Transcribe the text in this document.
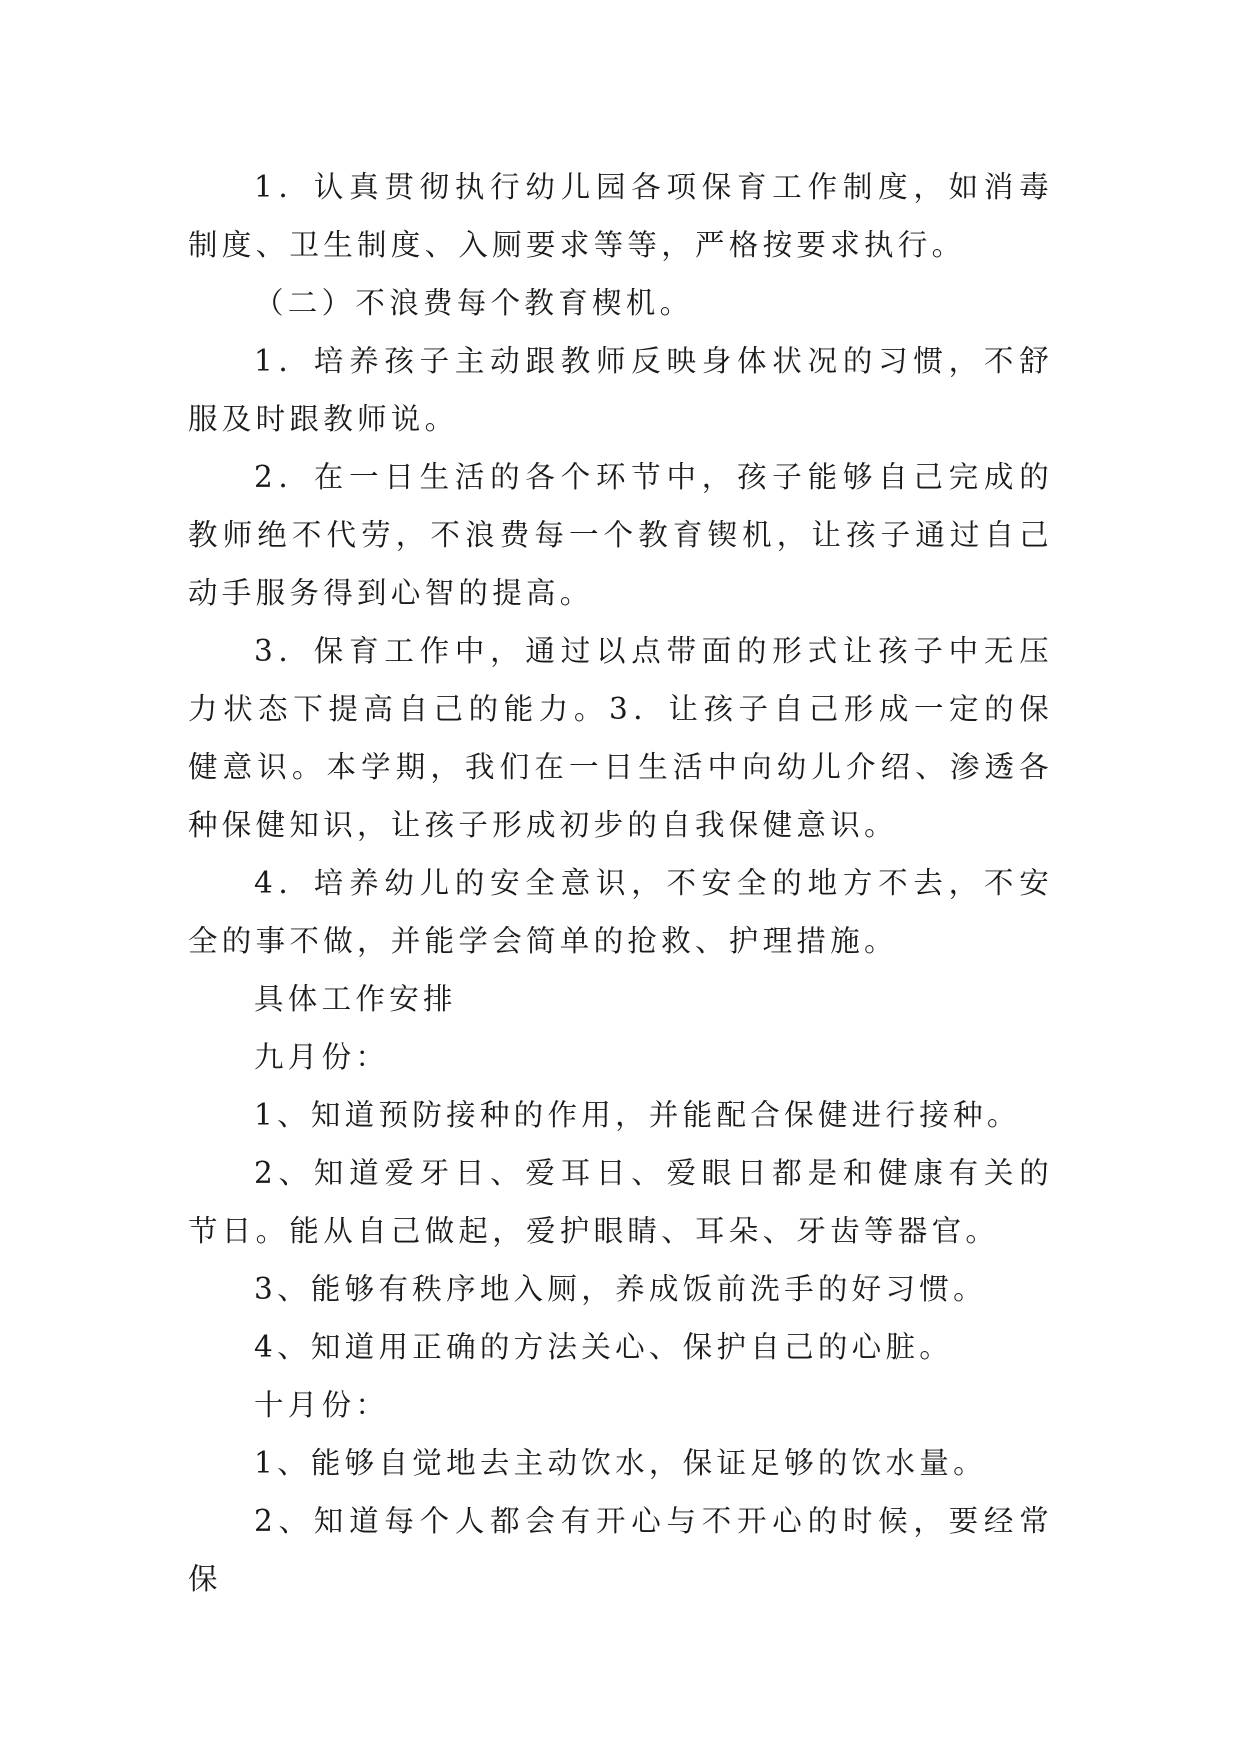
1．认真贯彻执行幼儿园各项保育工作制度，如消毒制度、卫生制度、入厕要求等等，严格按要求执行。

（二）不浪费每个教育楔机。

1．培养孩子主动跟教师反映身体状况的习惯，不舒服及时跟教师说。

2．在一日生活的各个环节中，孩子能够自己完成的教师绝不代劳，不浪费每一个教育锲机，让孩子通过自己动手服务得到心智的提高。

3．保育工作中，通过以点带面的形式让孩子中无压力状态下提高自己的能力。3．让孩子自己形成一定的保健意识。本学期，我们在一日生活中向幼儿介绍、渗透各种保健知识，让孩子形成初步的自我保健意识。

4．培养幼儿的安全意识，不安全的地方不去，不安全的事不做，并能学会简单的抢救、护理措施。

具体工作安排

九月份：

1、知道预防接种的作用，并能配合保健进行接种。

2、知道爱牙日、爱耳日、爱眼日都是和健康有关的节日。能从自己做起，爱护眼睛、耳朵、牙齿等器官。

3、能够有秩序地入厕，养成饭前洗手的好习惯。

4、知道用正确的方法关心、保护自己的心脏。

十月份：

1、能够自觉地去主动饮水，保证足够的饮水量。

2、知道每个人都会有开心与不开心的时候，要经常保
